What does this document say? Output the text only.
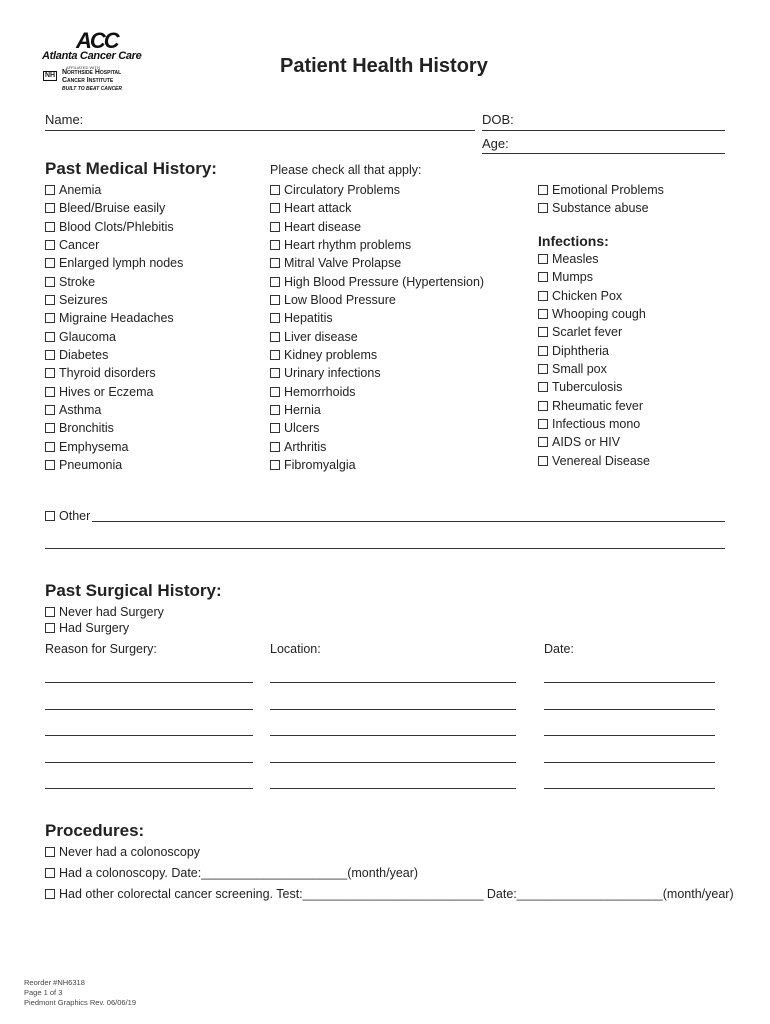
ACC
Atlanta Cancer Care
AFFILIATED WITH
NH Northside Hospital
Cancer Institute
BUILT TO BEAT CANCER
Patient Health History
Name:	DOB:
Age:
Past Medical History:	Please check all that apply:
Anemia
Bleed/Bruise easily
Blood Clots/Phlebitis
Cancer
Enlarged lymph nodes
Stroke
Seizures
Migraine Headaches
Glaucoma
Diabetes
Thyroid disorders
Hives or Eczema
Asthma
Bronchitis
Emphysema
Pneumonia
Circulatory Problems
Heart attack
Heart disease
Heart rhythm problems
Mitral Valve Prolapse
High Blood Pressure (Hypertension)
Low Blood Pressure
Hepatitis
Liver disease
Kidney problems
Urinary infections
Hemorrhoids
Hernia
Ulcers
Arthritis
Fibromyalgia
Emotional Problems
Substance abuse
Infections:
Measles
Mumps
Chicken Pox
Whooping cough
Scarlet fever
Diphtheria
Small pox
Tuberculosis
Rheumatic fever
Infectious mono
AIDS or HIV
Venereal Disease
Other
Past Surgical History:
Never had Surgery
Had Surgery
Reason for Surgery:	Location:	Date:
Procedures:
Never had a colonoscopy
Had a colonoscopy. Date:_____________________(month/year)
Had other colorectal cancer screening. Test:__________________________ Date:_____________________(month/year)
Reorder #NH6318
Page 1 of 3
Piedmont Graphics Rev. 06/06/19
